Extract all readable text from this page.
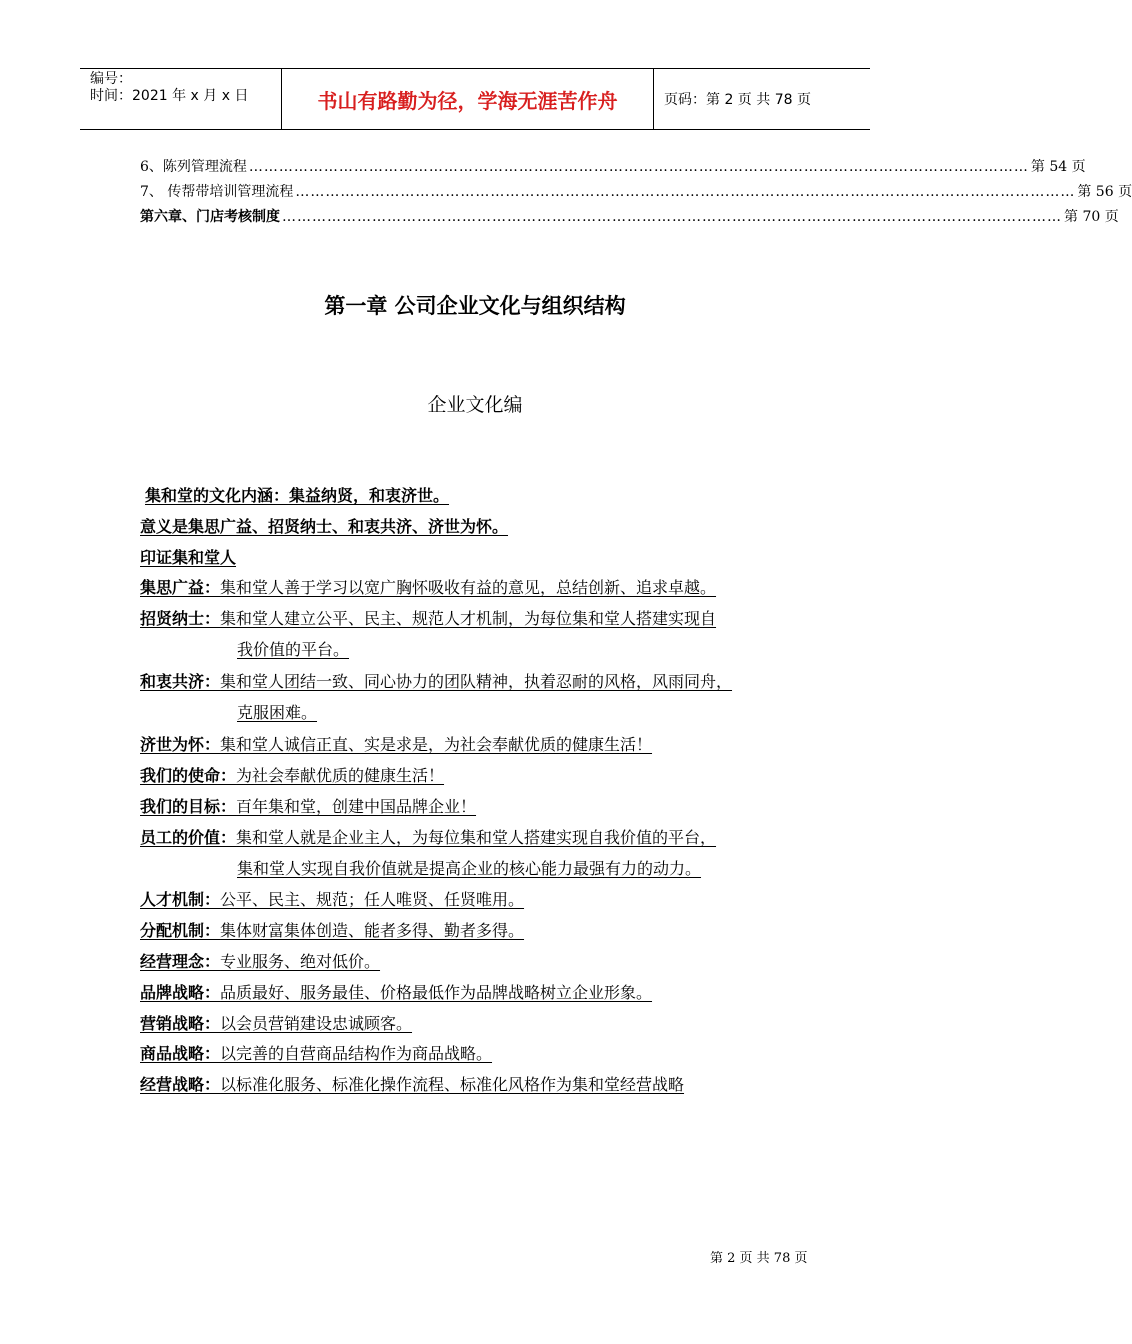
编号：
时间：2021 年 x 月 x 日	书山有路勤为径，学海无涯苦作舟	页码：第 2 页 共 78 页
6、陈列管理流程 ………………………………………………………………………………………………………………………………………… 第 54 页
7、 传帮带培训管理流程 ………………………………………………………………………………………………………………………………………… 第 56 页
第六章、门店考核制度 ………………………………………………………………………………………………………………………………………… 第 70 页
第一章 公司企业文化与组织结构
企业文化编
集和堂的文化内涵：集益纳贤，和衷济世。
意义是集思广益、招贤纳士、和衷共济、济世为怀。
印证集和堂人
集思广益：集和堂人善于学习以宽广胸怀吸收有益的意见，总结创新、追求卓越。
招贤纳士：集和堂人建立公平、民主、规范人才机制，为每位集和堂人搭建实现自
我价值的平台。
和衷共济：集和堂人团结一致、同心协力的团队精神，执着忍耐的风格，风雨同舟，
克服困难。
济世为怀：集和堂人诚信正直、实是求是，为社会奉献优质的健康生活！
我们的使命：为社会奉献优质的健康生活！
我们的目标：百年集和堂，创建中国品牌企业！
员工的价值：集和堂人就是企业主人，为每位集和堂人搭建实现自我价值的平台，
集和堂人实现自我价值就是提高企业的核心能力最强有力的动力。
人才机制：公平、民主、规范；任人唯贤、任贤唯用。
分配机制：集体财富集体创造、能者多得、勤者多得。
经营理念：专业服务、绝对低价。
品牌战略：品质最好、服务最佳、价格最低作为品牌战略树立企业形象。
营销战略：以会员营销建设忠诚顾客。
商品战略：以完善的自营商品结构作为商品战略。
经营战略：以标准化服务、标准化操作流程、标准化风格作为集和堂经营战略
第 2 页 共 78 页
